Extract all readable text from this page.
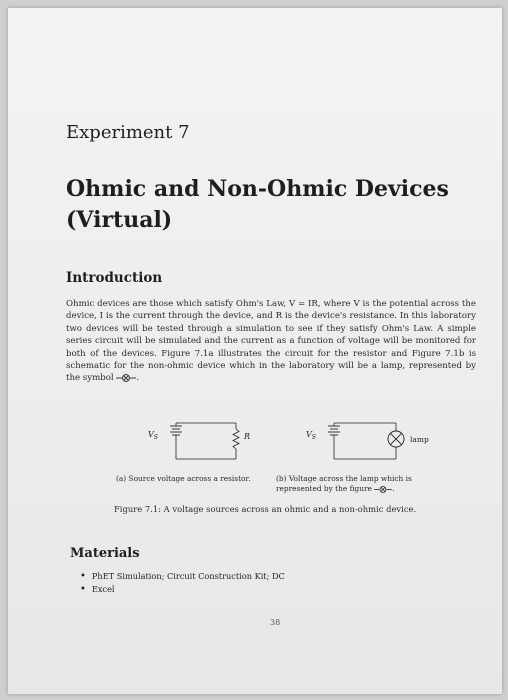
Experiment 7
Ohmic and Non-Ohmic Devices
(Virtual)
Introduction
Ohmic devices are those which satisfy Ohm's Law, V = IR, where V is the potential across the device, I is the current through the device, and R is the device's resistance. In this laboratory two devices will be tested through a simulation to see if they satisfy Ohm's Law. A simple series circuit will be simulated and the current as a function of voltage will be monitored for both of the devices. Figure 7.1a illustrates the circuit for the resistor and Figure 7.1b is schematic for the non-ohmic device which in the laboratory will be a lamp, represented by the symbol	.
$V_S$	R	$V_S$	lamp
(a) Source voltage across a resistor.	(b) Voltage across the lamp which is represented by the figure	.
Figure 7.1: A voltage sources across an ohmic and a non-ohmic device.
Materials
• PhET Simulation; Circuit Construction Kit; DC
• Excel
38
